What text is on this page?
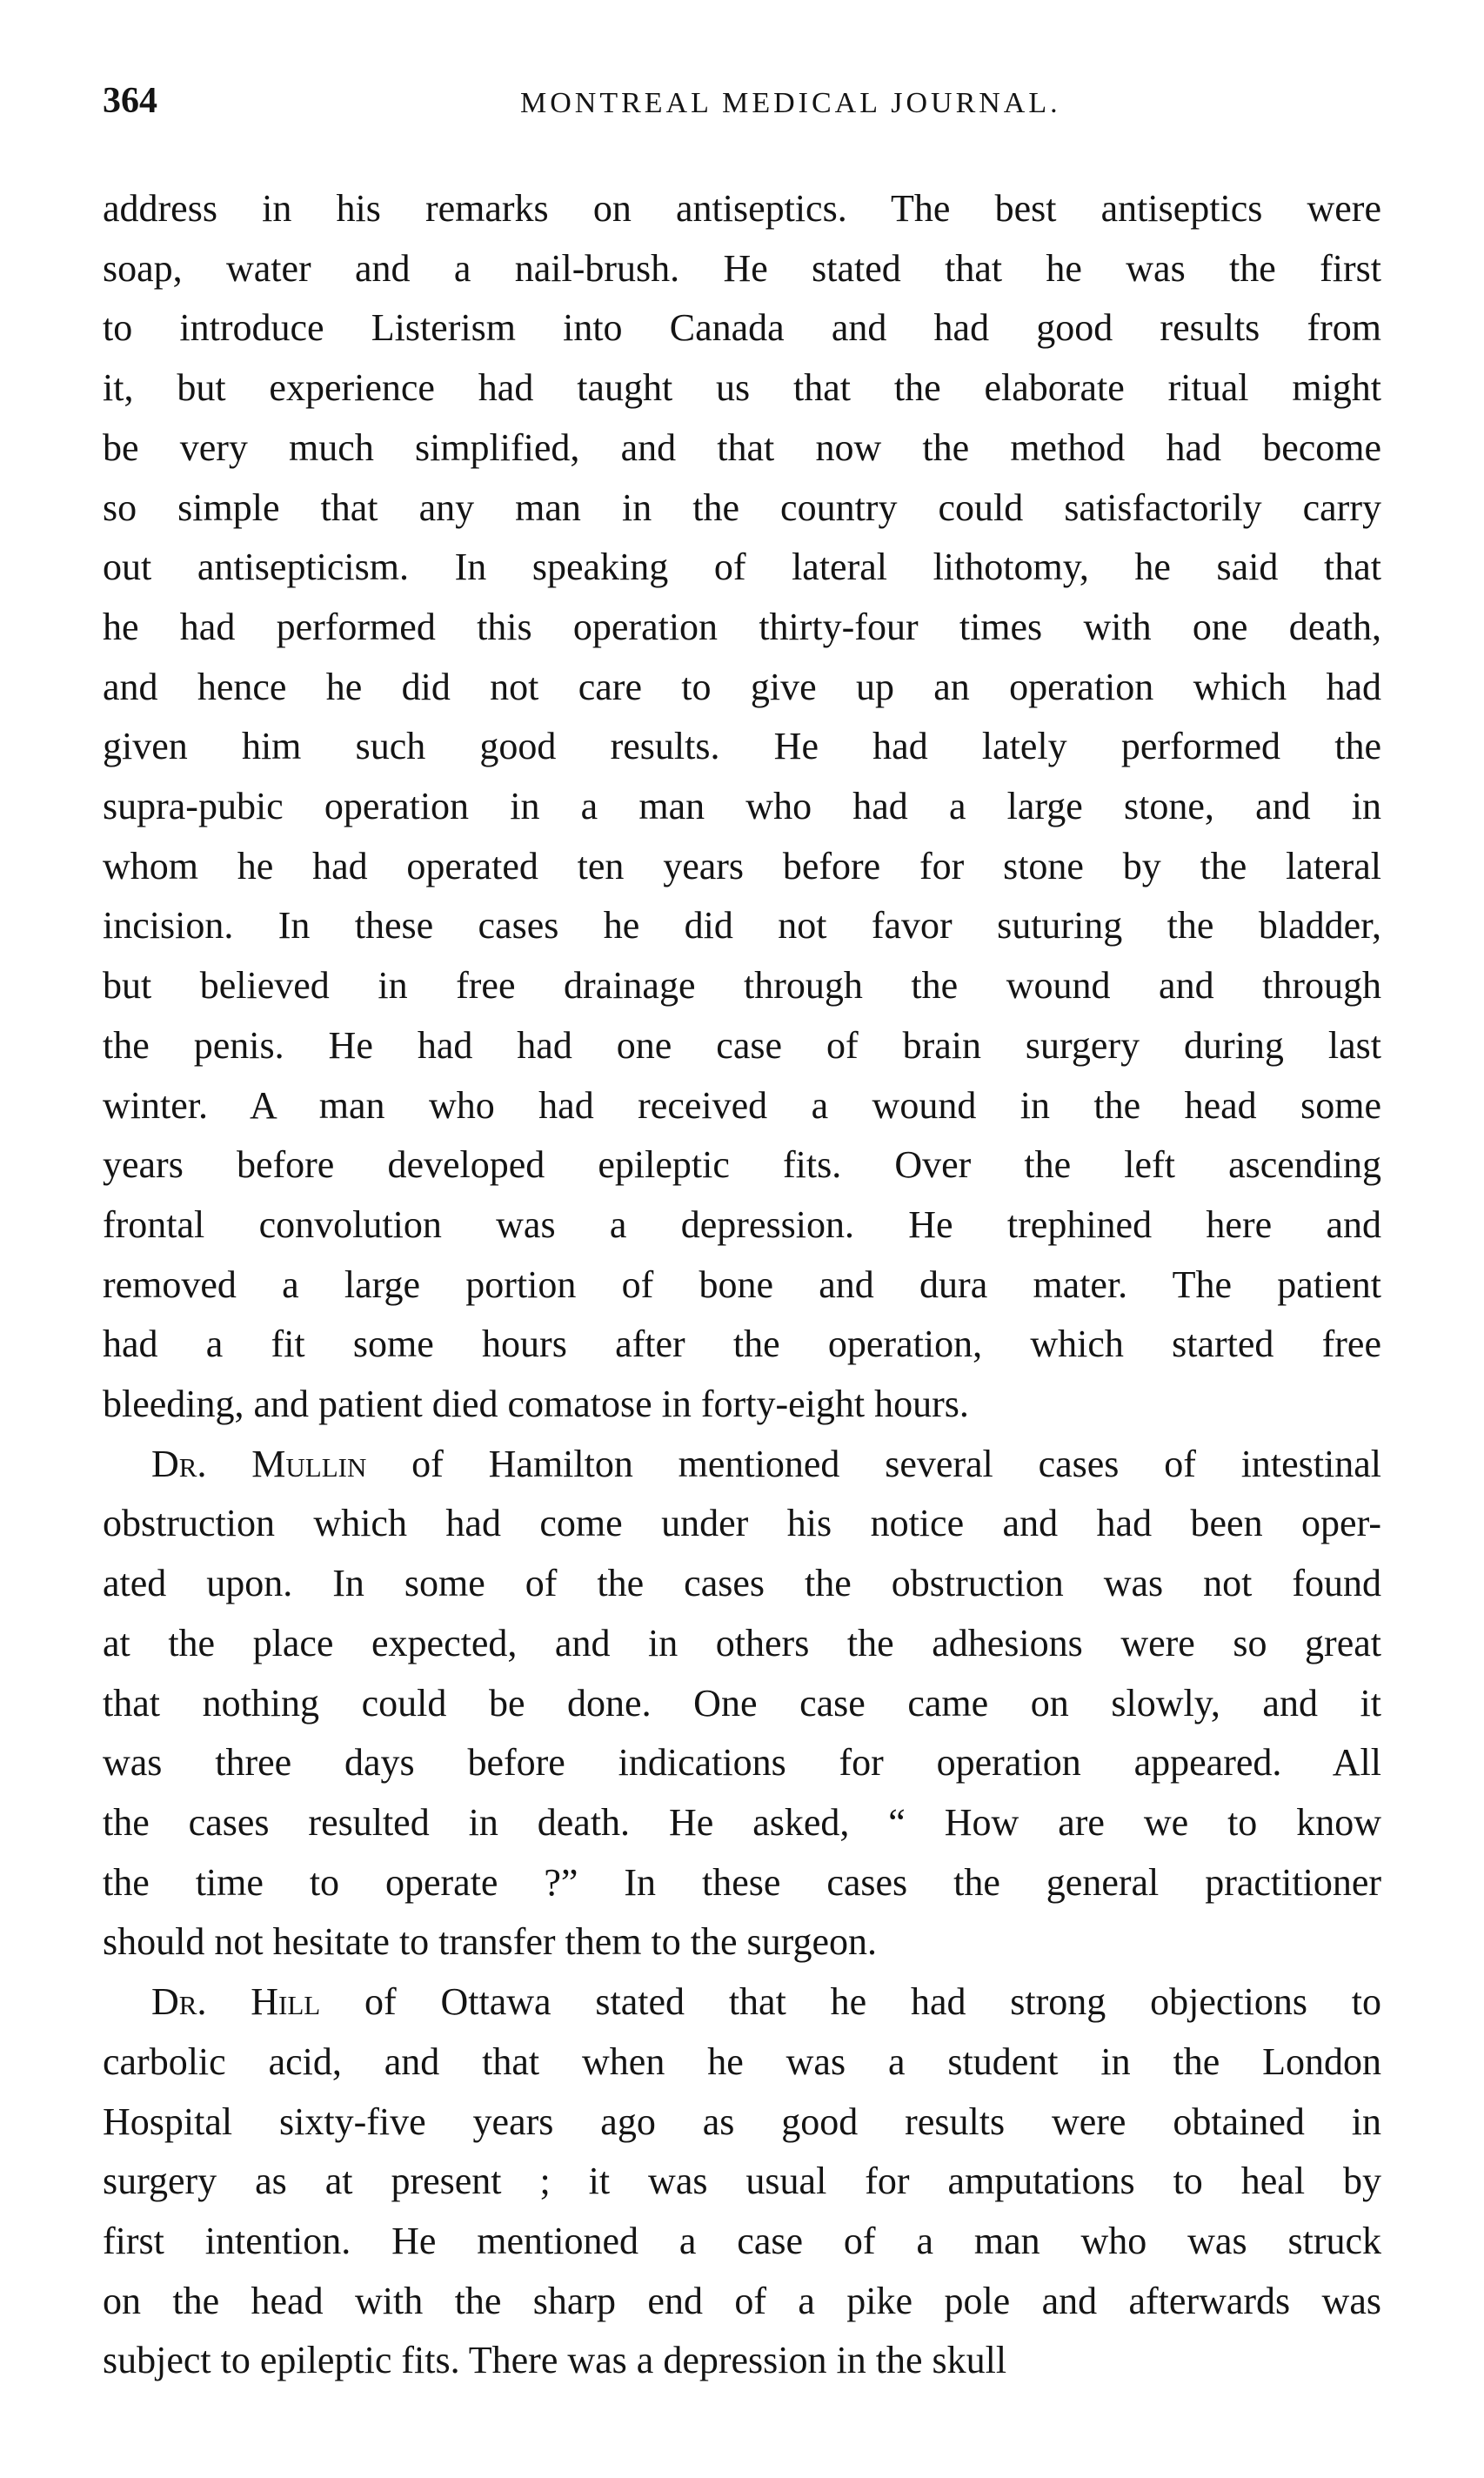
364	MONTREAL MEDICAL JOURNAL.
address in his remarks on antiseptics. The best antiseptics were
soap, water and a nail-brush. He stated that he was the first
to introduce Listerism into Canada and had good results from
it, but experience had taught us that the elaborate ritual might
be very much simplified, and that now the method had become
so simple that any man in the country could satisfactorily carry
out antisepticism. In speaking of lateral lithotomy, he said that
he had performed this operation thirty-four times with one death,
and hence he did not care to give up an operation which had
given him such good results. He had lately performed the
supra-pubic operation in a man who had a large stone, and in
whom he had operated ten years before for stone by the lateral
incision. In these cases he did not favor suturing the bladder,
but believed in free drainage through the wound and through
the penis. He had had one case of brain surgery during last
winter. A man who had received a wound in the head some
years before developed epileptic fits. Over the left ascending
frontal convolution was a depression. He trephined here and
removed a large portion of bone and dura mater. The patient
had a fit some hours after the operation, which started free
bleeding, and patient died comatose in forty-eight hours.
Dr. Mullin of Hamilton mentioned several cases of intestinal
obstruction which had come under his notice and had been oper-
ated upon. In some of the cases the obstruction was not found
at the place expected, and in others the adhesions were so great
that nothing could be done. One case came on slowly, and it
was three days before indications for operation appeared. All
the cases resulted in death. He asked, “ How are we to know
the time to operate ?” In these cases the general practitioner
should not hesitate to transfer them to the surgeon.
Dr. Hill of Ottawa stated that he had strong objections to
carbolic acid, and that when he was a student in the London
Hospital sixty-five years ago as good results were obtained in
surgery as at present ; it was usual for amputations to heal by
first intention. He mentioned a case of a man who was struck
on the head with the sharp end of a pike pole and afterwards was
subject to epileptic fits. There was a depression in the skull
